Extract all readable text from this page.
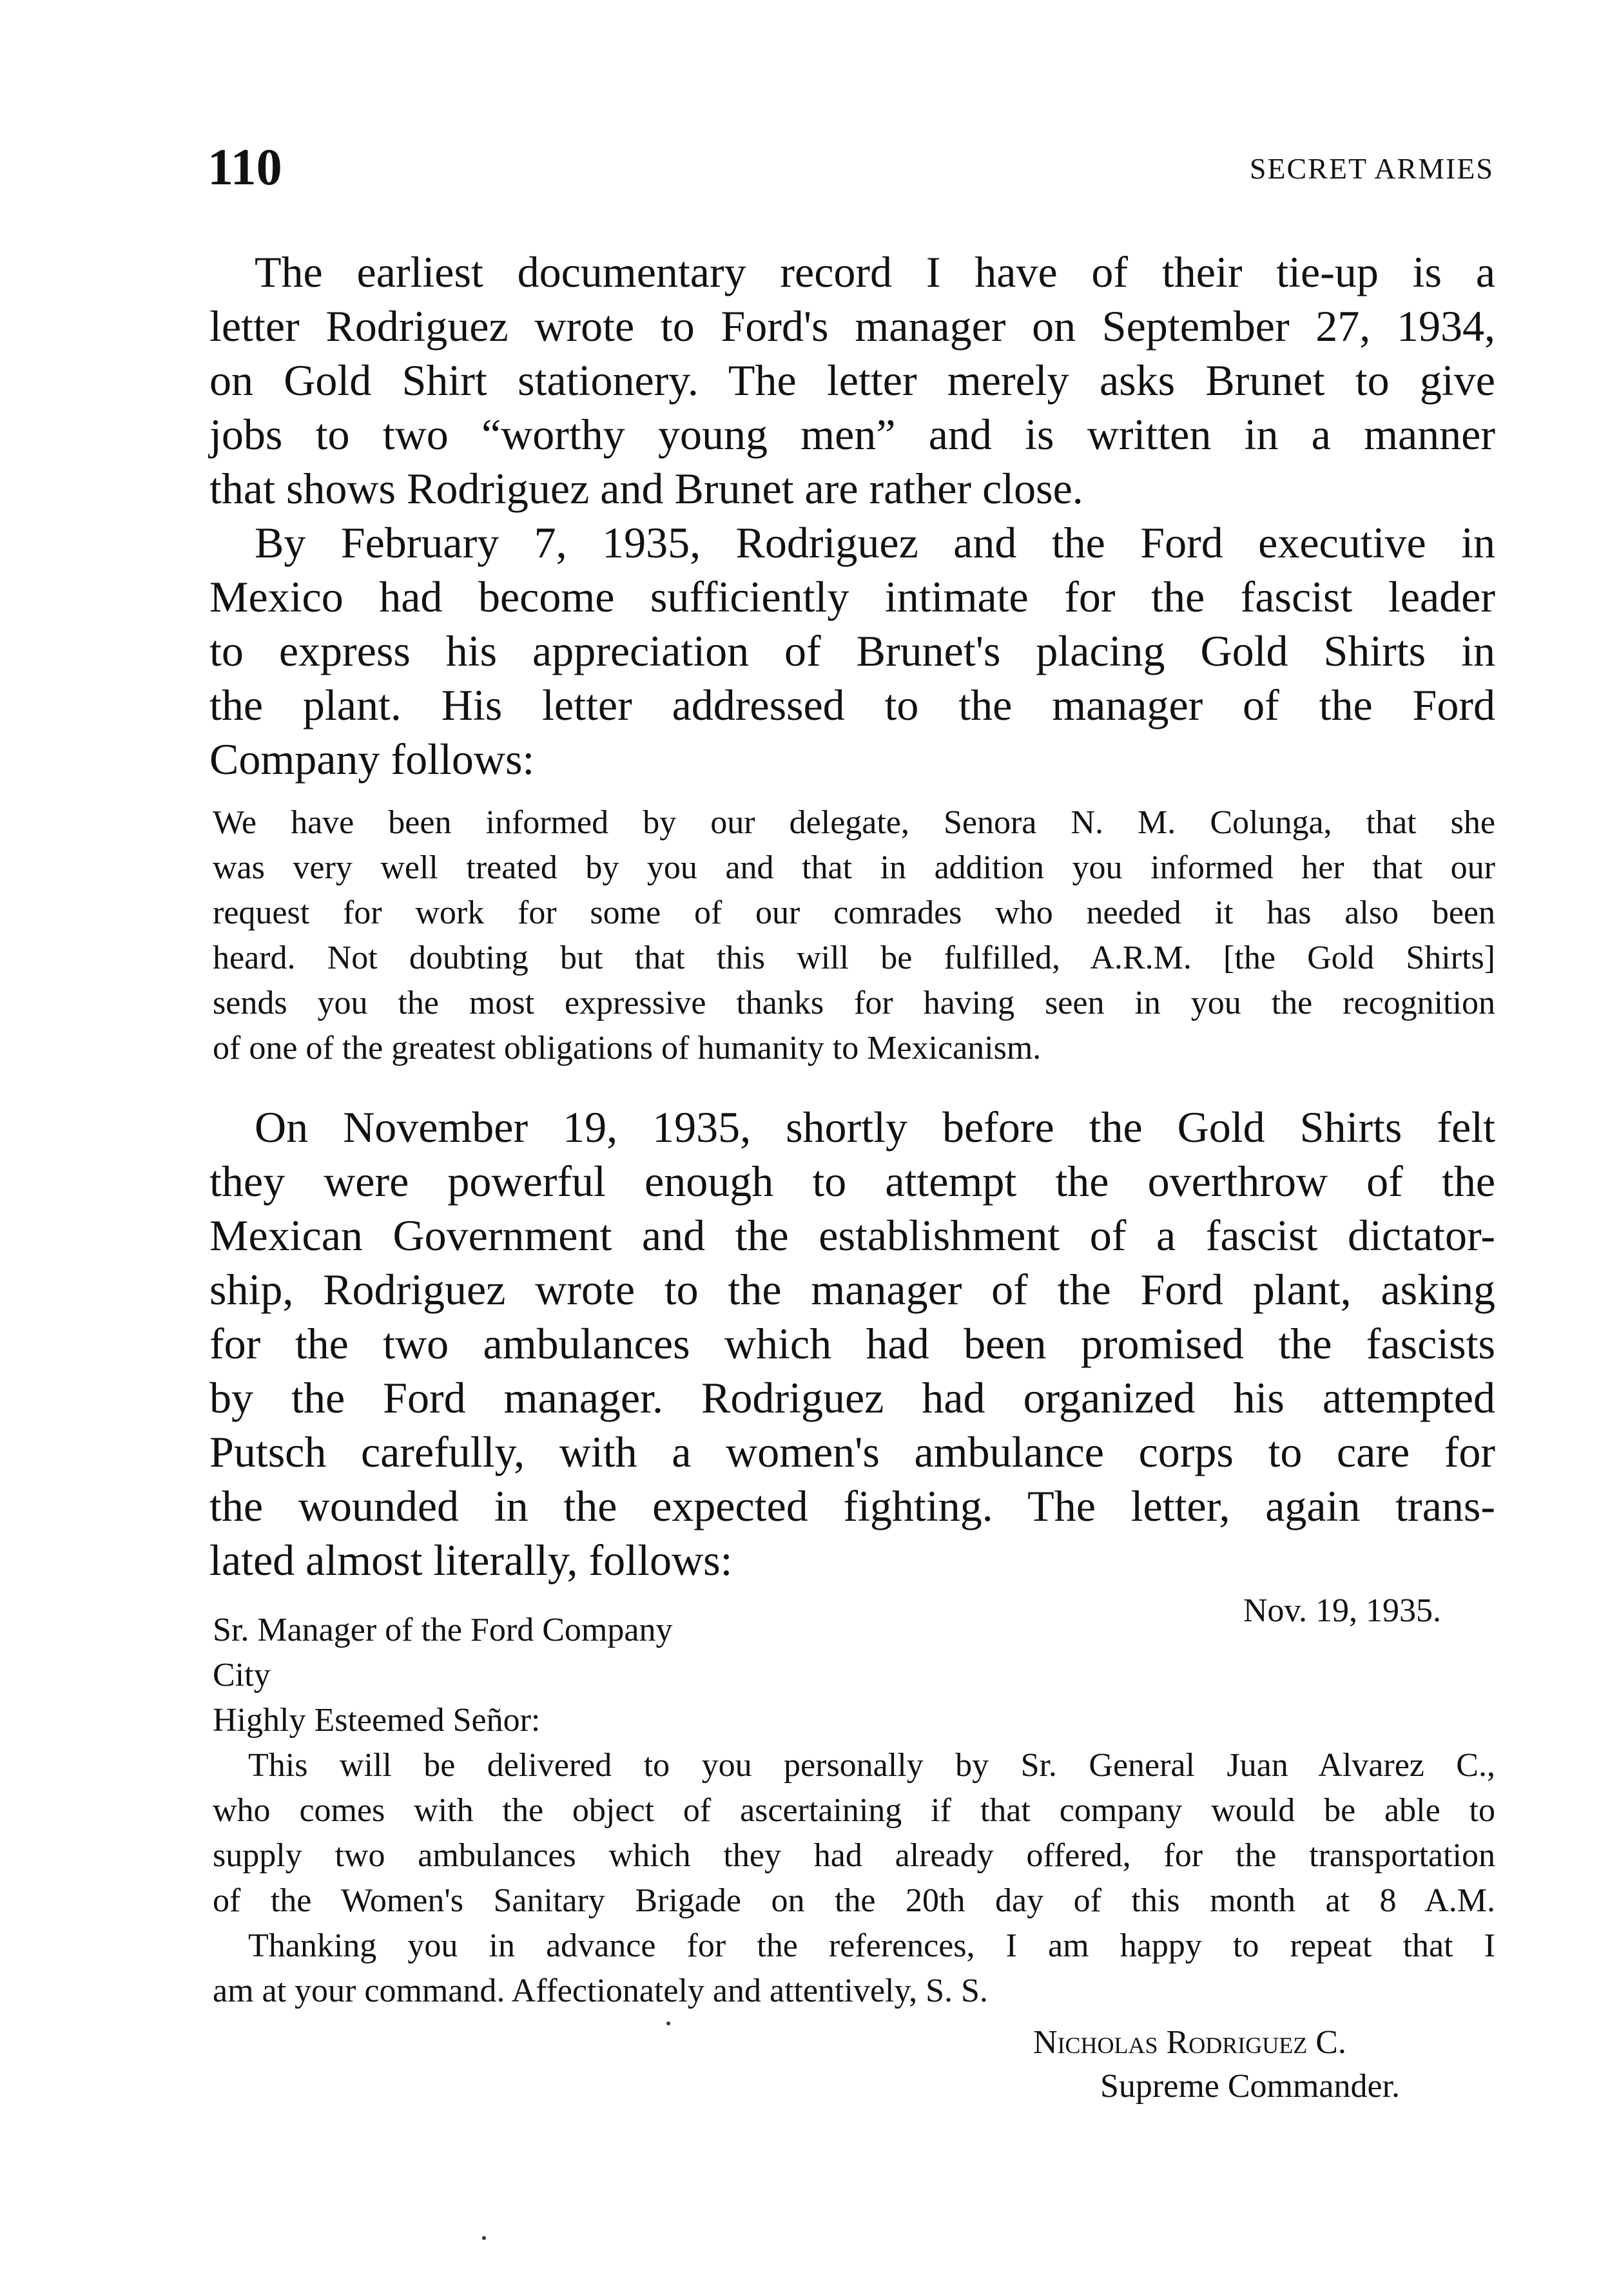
110	SECRET ARMIES
The earliest documentary record I have of their tie-up is a
letter Rodriguez wrote to Ford's manager on September 27, 1934,
on Gold Shirt stationery. The letter merely asks Brunet to give
jobs to two “worthy young men” and is written in a manner
that shows Rodriguez and Brunet are rather close.
By February 7, 1935, Rodriguez and the Ford executive in
Mexico had become sufficiently intimate for the fascist leader
to express his appreciation of Brunet's placing Gold Shirts in
the plant. His letter addressed to the manager of the Ford
Company follows:
We have been informed by our delegate, Senora N. M. Colunga, that she
was very well treated by you and that in addition you informed her that our
request for work for some of our comrades who needed it has also been
heard. Not doubting but that this will be fulfilled, A.R.M. [the Gold Shirts]
sends you the most expressive thanks for having seen in you the recognition
of one of the greatest obligations of humanity to Mexicanism.
On November 19, 1935, shortly before the Gold Shirts felt
they were powerful enough to attempt the overthrow of the
Mexican Government and the establishment of a fascist dictator-
ship, Rodriguez wrote to the manager of the Ford plant, asking
for the two ambulances which had been promised the fascists
by the Ford manager. Rodriguez had organized his attempted
Putsch carefully, with a women's ambulance corps to care for
the wounded in the expected fighting. The letter, again trans-
lated almost literally, follows:
Nov. 19, 1935.
Sr. Manager of the Ford Company
City
Highly Esteemed Señor:
This will be delivered to you personally by Sr. General Juan Alvarez C.,
who comes with the object of ascertaining if that company would be able to
supply two ambulances which they had already offered, for the transportation
of the Women's Sanitary Brigade on the 20th day of this month at 8 A.M.
Thanking you in advance for the references, I am happy to repeat that I
am at your command. Affectionately and attentively, S. S.
Nicholas Rodriguez C.
Supreme Commander.
